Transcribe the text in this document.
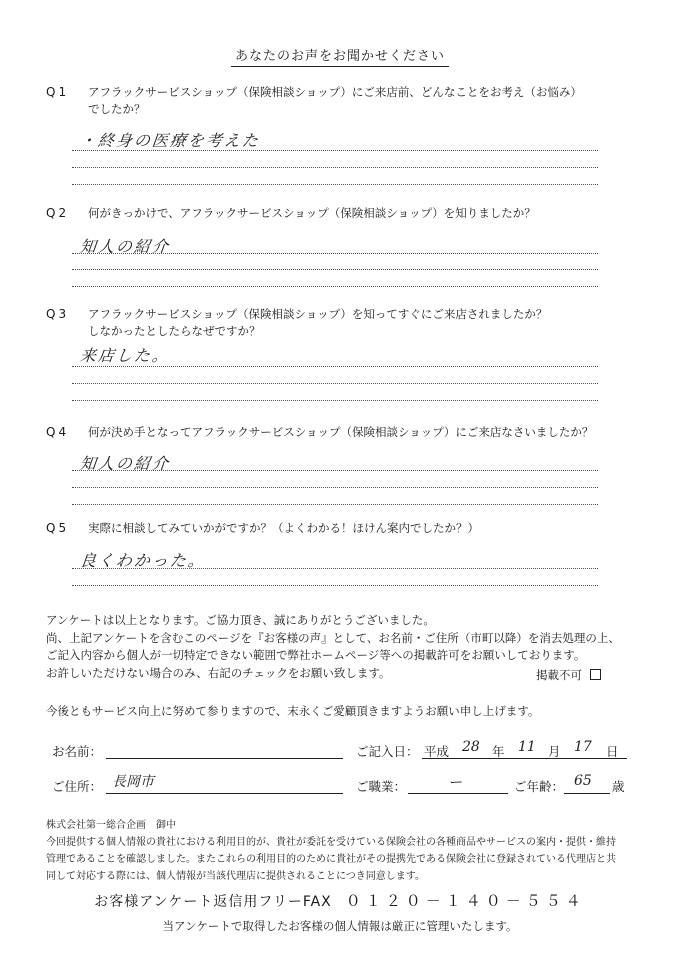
あなたのお声をお聞かせください
Q1 アフラックサービスショップ（保険相談ショップ）にご来店前、どんなことをお考え（お悩み）
でしたか？
・終身の医療を考えた
Q2 何がきっかけで、アフラックサービスショップ（保険相談ショップ）を知りましたか？
知人の紹介
Q3 アフラックサービスショップ（保険相談ショップ）を知ってすぐにご来店されましたか？
しなかったとしたらなぜですか？
来店した。
Q4 何が決め手となってアフラックサービスショップ（保険相談ショップ）にご来店なさいましたか？
知人の紹介
Q5 実際に相談してみていかがですか？（よくわかる！ほけん案内でしたか？）
良くわかった。
アンケートは以上となります。ご協力頂き、誠にありがとうございました。
尚、上記アンケートを含むこのページを『お客様の声』として、お名前・ご住所（市町以降）を消去処理の上、
ご記入内容から個人が一切特定できない範囲で弊社ホームページ等への掲載許可をお願いしております。
お許しいただけない場合のみ、右記のチェックをお願い致します。	掲載不可
今後ともサービス向上に努めて参りますので、末永くご愛顧頂きますようお願い申し上げます。
お名前：	ご記入日： 平成 28 年 11 月 17 日
ご住所： 長岡市	ご職業：	ー	ご年齢： 65 歳
株式会社第一総合企画　御中
今回提供する個人情報の貴社における利用目的が、貴社が委託を受けている保険会社の各種商品やサービスの案内・提供・維持
管理であることを確認しました。またこれらの利用目的のために貴社がその提携先である保険会社に登録されている代理店と共
同して対応する際には、個人情報が当該代理店に提供されることにつき同意します。
お客様アンケート返信用フリーFAX ０１２０－１４０－５５４
当アンケートで取得したお客様の個人情報は厳正に管理いたします。
